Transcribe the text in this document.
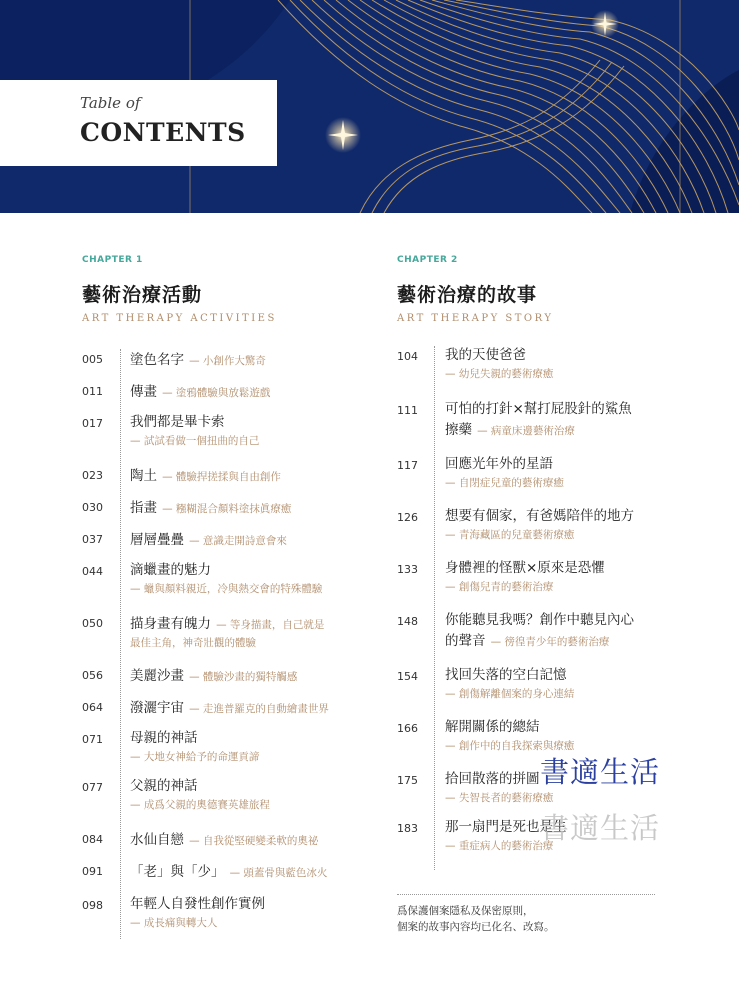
Table of
CONTENTS
CHAPTER 1
藝術治療活動
ART THERAPY ACTIVITIES
CHAPTER 2
藝術治療的故事
ART THERAPY STORY
005	塗色名字 — 小創作大驚奇
011	傳畫 — 塗鴉體驗與放鬆遊戲
017	我們都是畢卡索
— 試試看做一個扭曲的自己
023	陶土 — 體驗捍搓揉與自由創作
030	指畫 — 糨糊混合顏料塗抹眞療癒
037	層層疊疊 — 意識走開詩意會來
044	滴蠟畫的魅力
— 蠟與顏料親近，冷與熱交會的特殊體驗
050	描身畫有魄力 — 等身描畫，自己就是
最佳主角，神奇壯觀的體驗
056	美麗沙畫 — 體驗沙畫的獨特觸感
064	潑灑宇宙 — 走進普羅克的自動繪畫世界
071	母親的神話
— 大地女神給予的命運貢諦
077	父親的神話
— 成爲父親的奧德賽英雄旅程
084	水仙自戀 — 自我從堅硬變柔軟的奧祕
091	「老」與「少」 — 頭蓋骨與藍色冰火
098	年輕人自發性創作實例
— 成長痛與轉大人
104	我的天使爸爸
— 幼兒失親的藝術療癒
111	可怕的打針×幫打屁股針的鯊魚
擦藥 — 病童床邊藝術治療
117	回應光年外的星語
— 自閉症兒童的藝術療癒
126	想要有個家，有爸媽陪伴的地方
— 青海藏區的兒童藝術療癒
133	身體裡的怪獸×原來是恐懼
— 創傷兒青的藝術治療
148	你能聽見我嗎？創作中聽見內心
的聲音 — 徬徨青少年的藝術治療
154	找回失落的空白記憶
— 創傷解離個案的身心連結
166	解開關係的總結
— 創作中的自我探索與療癒
175	拾回散落的拼圖
— 失智長者的藝術療癒
183	那一扇門是死也是生
— 重症病人的藝術治療
爲保護個案隱私及保密原則，
個案的故事內容均已化名、改寫。
書適生活
書適生活
